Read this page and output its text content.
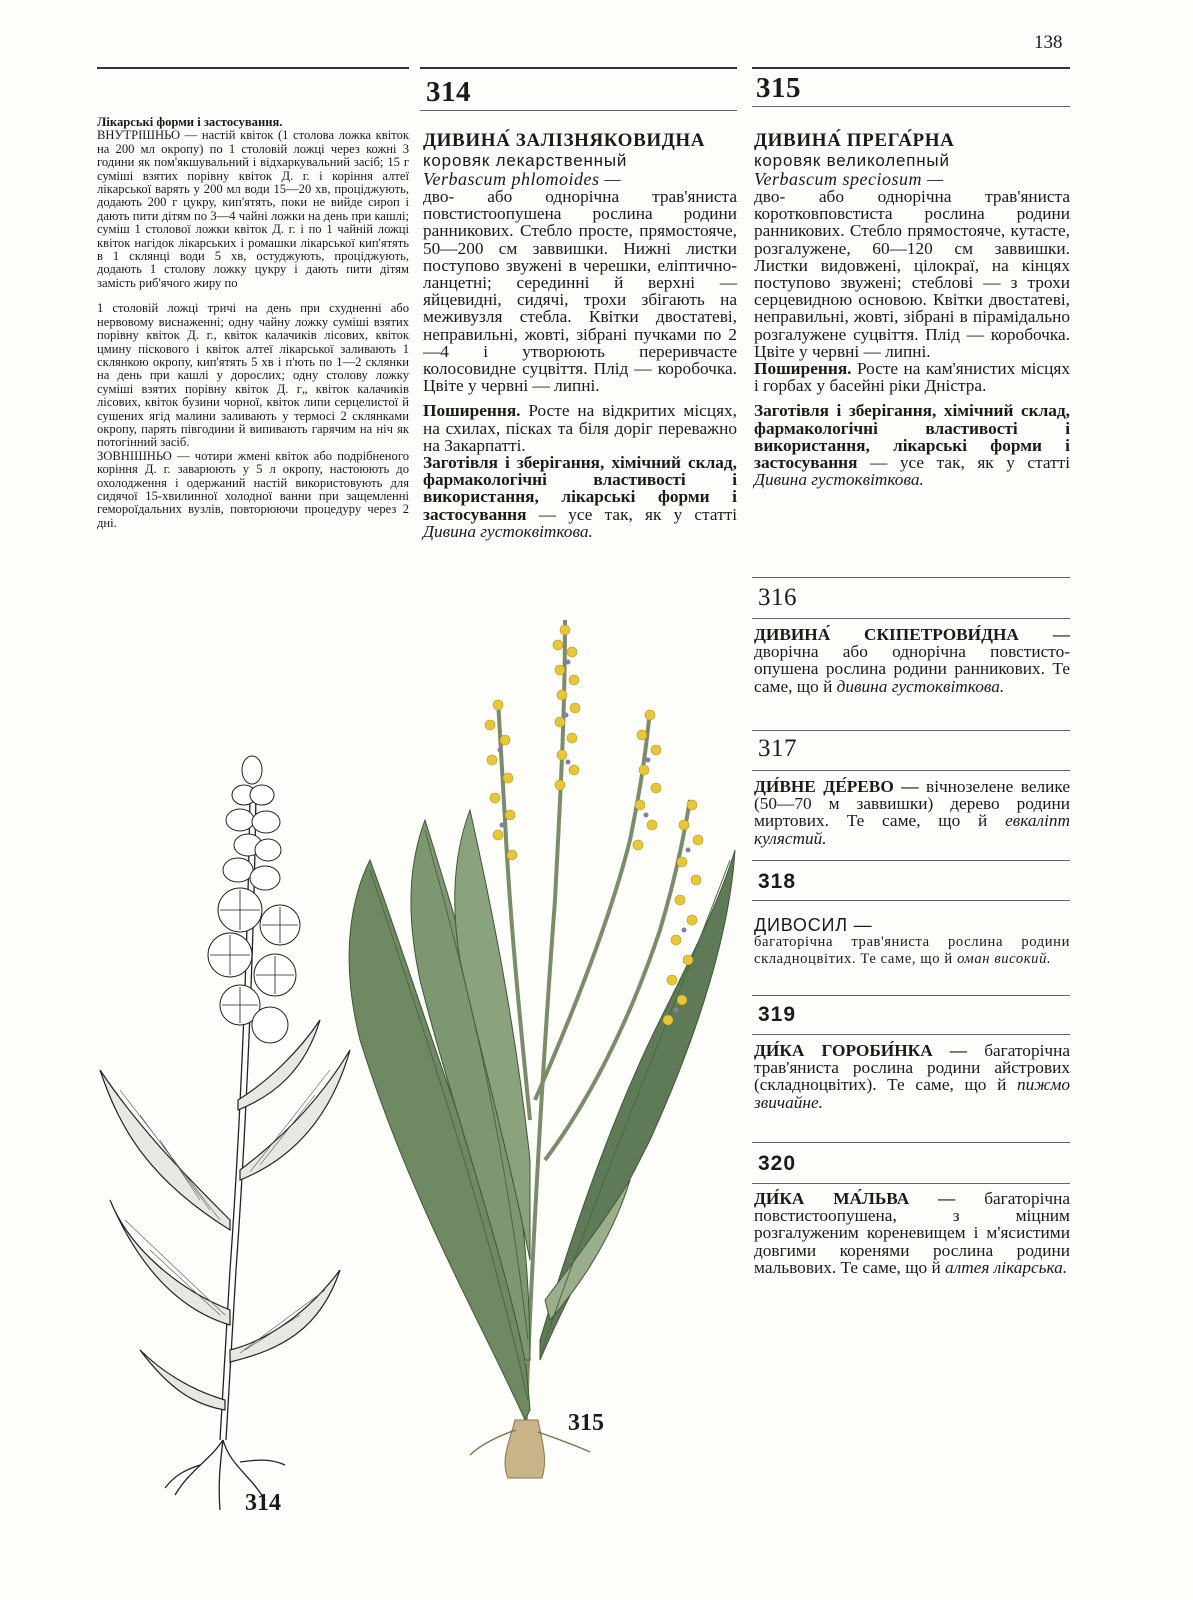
138

Лікарські форми і застосування.

ВНУТРІШНЬО — настій квіток (1 столова ложка квіток на 200 мл окропу) по 1 столовій ложці через кожні 3 години як пом'якшувальний і відхаркувальний засіб; 15 г суміші взятих порівну квіток Д. г. і коріння алтеї лікарської варять у 200 мл води 15—20 хв, проціджують, додають 200 г цукру, кип'ятять, поки не вийде сироп і дають пити дітям по 3—4 чайні ложки на день при кашлі; суміш 1 столової ложки квіток Д. г. і по 1 чайній ложці квіток нагідок лікарських і ромашки лікарської кип'ятять в 1 склянці води 5 хв, остуджують, проціджують, додають 1 столову ложку цукру і дають пити дітям замість риб'ячого жиру по

1 столовій ложці тричі на день при схудненні або нервовому виснаженні; одну чайну ложку суміші взятих порівну квіток Д. г., квіток калачиків лісових, квіток цмину піскового і квіток алтеї лікарської заливають 1 склянкою окропу, кип'ятять 5 хв і п'ють по 1—2 склянки на день при кашлі у дорослих; одну столову ложку суміші взятих порівну квіток Д. г„ квіток калачиків лісових, квіток бузини чорної, квіток липи серцелистої й сушених ягід малини заливають у термосі 2 склянками окропу, парять півгодини й випивають гарячим на ніч як потогінний засіб.

ЗОВНІШНЬО — чотири жмені квіток або подрібненого коріння Д. г. заварюють у 5 л окропу, настоюють до охолодження і одержаний настій використовують для сидячої 15-хвилинної холодної ванни при защемленні гемороїдальних вузлів, повторюючи процедуру через 2 дні.

314

ДИВИНА́ ЗАЛІЗНЯКОВИДНА

коровяк лекарственный

Verbascum phlomoides —

дво- або однорічна трав'яниста повстистоопушена рослина родини ранникових. Стебло просте, прямостояче, 50—200 см заввишки. Нижні листки поступово звужені в черешки, еліптично-ланцетні; серединні й верхні — яйцевидні, сидячі, трохи збігають на меживузля стебла. Квітки двостатеві, неправильні, жовті, зібрані пучками по 2—4 і утворюють переривчасте колосовидне суцвіття. Плід — коробочка. Цвіте у червні — липні.

Поширення. Росте на відкритих місцях, на схилах, пісках та біля доріг переважно на Закарпатті.

Заготівля і зберігання, хімічний склад, фармакологічні властивості і використання, лікарські форми і застосування — усе так, як у статті Дивина густоквіткова.

315

ДИВИНА́ ПРЕГА́РНА

коровяк великолепный

Verbascum speciosum —

дво- або однорічна трав'яниста коротковповстиста рослина родини ранникових. Стебло прямостояче, кутасте, розгалужене, 60—120 см заввишки. Листки видовжені, цілокраї, на кінцях поступово звужені; стеблові — з трохи серцевидною основою. Квітки двостатеві, неправильні, жовті, зібрані в пірамідально розгалужене суцвіття. Плід — коробочка. Цвіте у червні — липні.

Поширення. Росте на кам'янистих місцях і горбах у басейні ріки Дністра.

Заготівля і зберігання, хімічний склад, фармакологічні властивості і використання, лікарські форми і застосування — усе так, як у статті Дивина густоквіткова.

316

ДИВИНА́ СКІПЕТРОВИ́ДНА — дворічна або однорічна повстисто-опушена рослина родини ранникових. Те саме, що й дивина густоквіткова.

317

ДИ́ВНЕ ДЕ́РЕВО — вічнозелене велике (50—70 м заввишки) дерево родини миртових. Те саме, що й евкаліпт кулястий.

318

ДИВОСИЛ —

багаторічна трав'яниста рослина родини складноцвітих. Те саме, що й оман високий.

319

ДИ́КА ГОРОБИ́НКА — багаторічна трав'яниста рослина родини айстрових (складноцвітих). Те саме, що й пижмо звичайне.

320

ДИ́КА МА́ЛЬВА — багаторічна повстистоопушена, з міцним розгалуженим кореневищем і м'ясистими довгими коренями рослина родини мальвових. Те саме, що й алтея лікарська.

314
315
